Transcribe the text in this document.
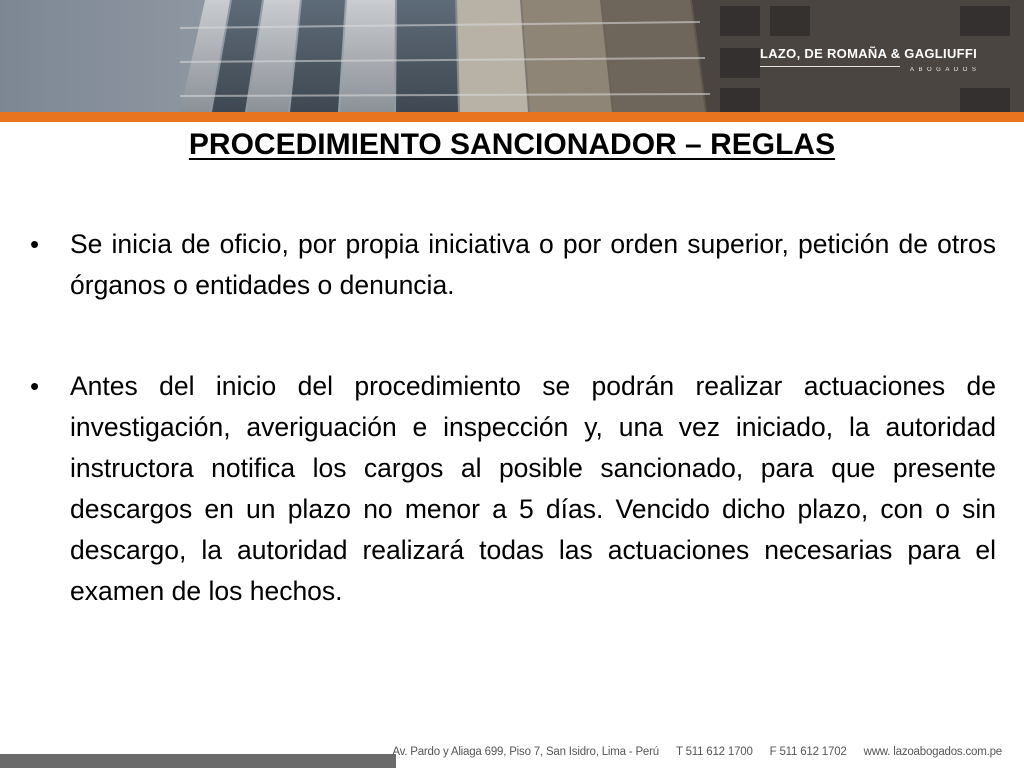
LAZO, DE ROMAÑA & GAGLIUFFI
ABOGADOS
PROCEDIMIENTO SANCIONADOR – REGLAS
•	Se inicia de oficio, por propia iniciativa o por orden superior, petición de otros órganos o entidades o denuncia.
•	Antes del inicio del procedimiento se podrán realizar actuaciones de investigación, averiguación e inspección y, una vez iniciado, la autoridad instructora notifica los cargos al posible sancionado, para que presente descargos en un plazo no menor a 5 días. Vencido dicho plazo, con o sin descargo, la autoridad realizará todas las actuaciones necesarias para el examen de los hechos.
Av. Pardo y Aliaga 699, Piso 7, San Isidro, Lima - Perú T 511 612 1700 F 511 612 1702 www. lazoabogados.com.pe
